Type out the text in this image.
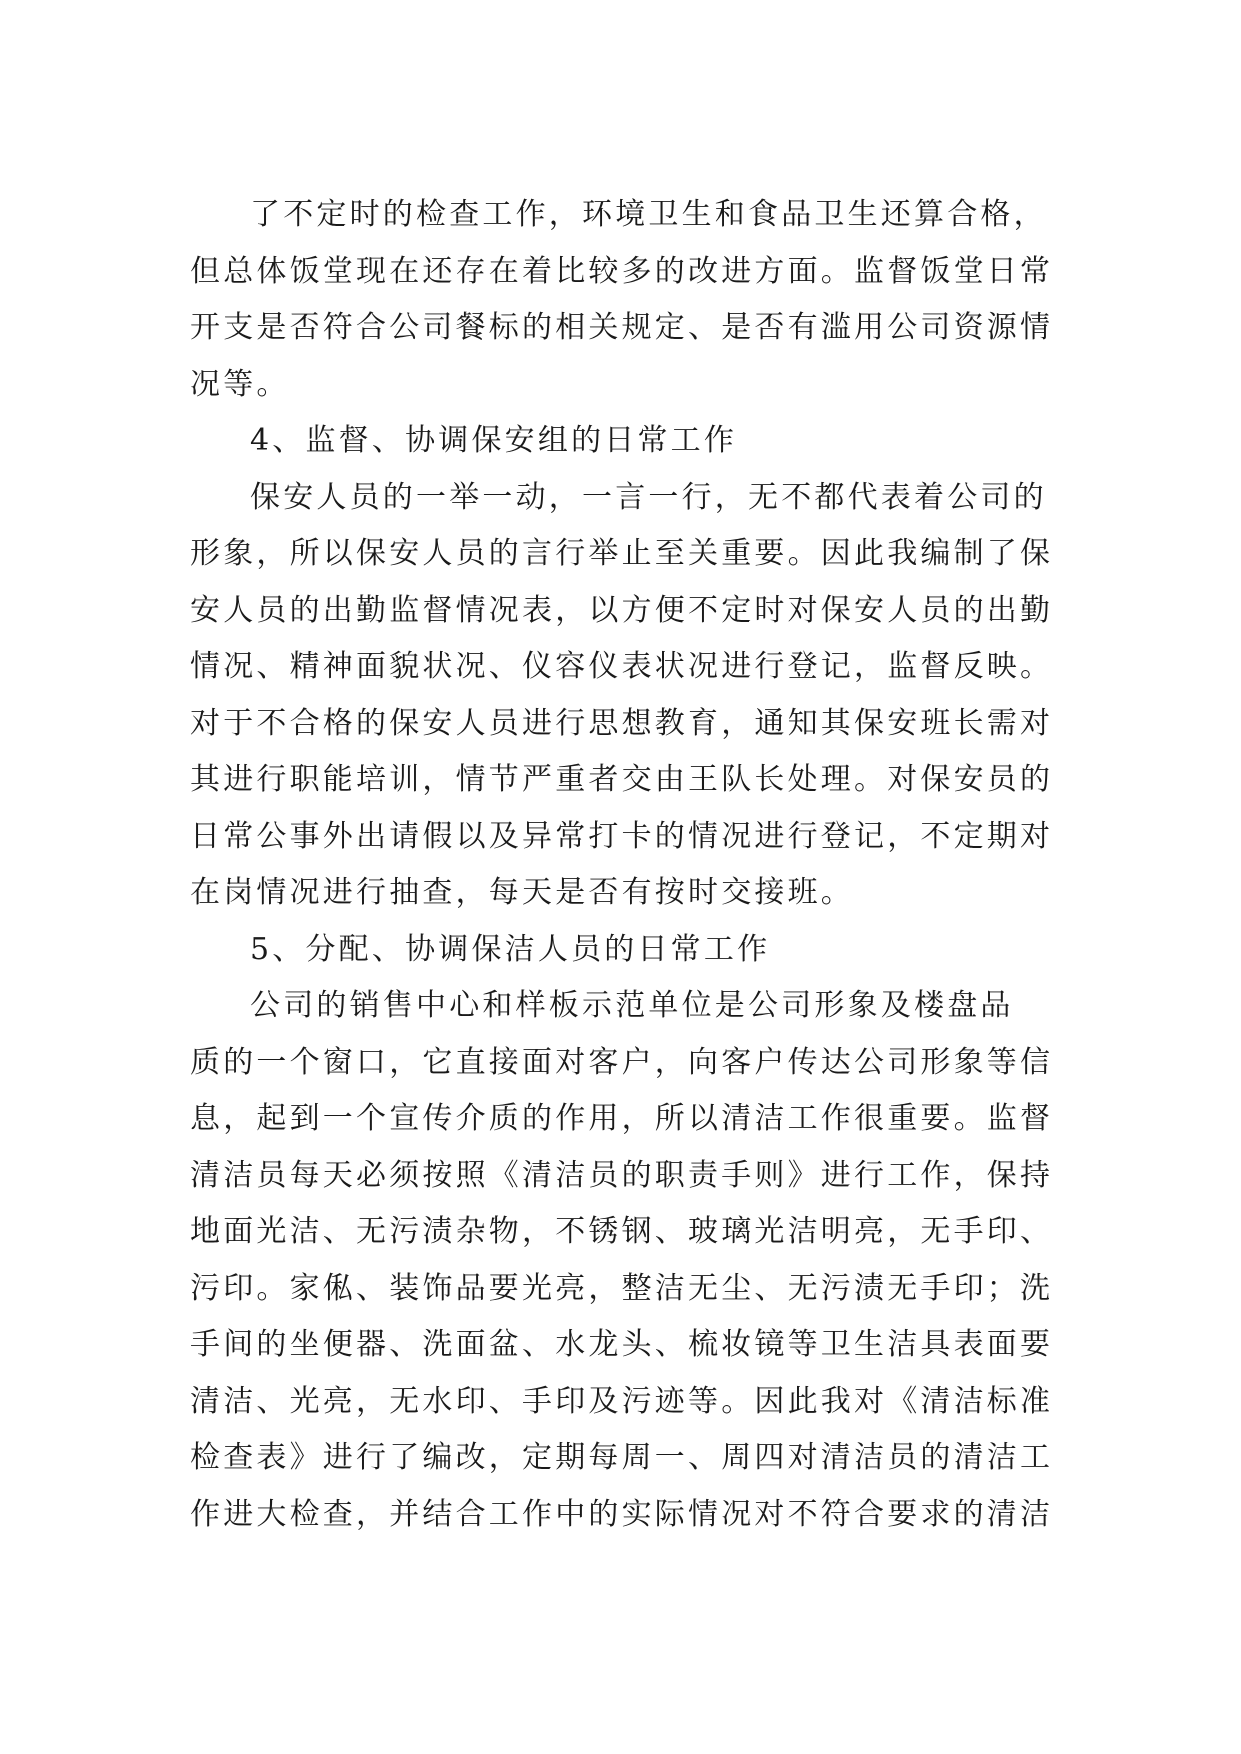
了不定时的检查工作，环境卫生和食品卫生还算合格，

但总体饭堂现在还存在着比较多的改进方面。监督饭堂日常

开支是否符合公司餐标的相关规定、是否有滥用公司资源情

况等。

4、监督、协调保安组的日常工作

保安人员的一举一动，一言一行，无不都代表着公司的

形象，所以保安人员的言行举止至关重要。因此我编制了保

安人员的出勤监督情况表，以方便不定时对保安人员的出勤

情况、精神面貌状况、仪容仪表状况进行登记，监督反映。

对于不合格的保安人员进行思想教育，通知其保安班长需对

其进行职能培训，情节严重者交由王队长处理。对保安员的

日常公事外出请假以及异常打卡的情况进行登记，不定期对

在岗情况进行抽查，每天是否有按时交接班。

5、分配、协调保洁人员的日常工作

公司的销售中心和样板示范单位是公司形象及楼盘品

质的一个窗口，它直接面对客户，向客户传达公司形象等信

息，起到一个宣传介质的作用，所以清洁工作很重要。监督

清洁员每天必须按照《清洁员的职责手则》进行工作，保持

地面光洁、无污渍杂物，不锈钢、玻璃光洁明亮，无手印、

污印。家俬、装饰品要光亮，整洁无尘、无污渍无手印；洗

手间的坐便器、洗面盆、水龙头、梳妆镜等卫生洁具表面要

清洁、光亮，无水印、手印及污迹等。因此我对《清洁标准

检查表》进行了编改，定期每周一、周四对清洁员的清洁工

作进大检查，并结合工作中的实际情况对不符合要求的清洁
